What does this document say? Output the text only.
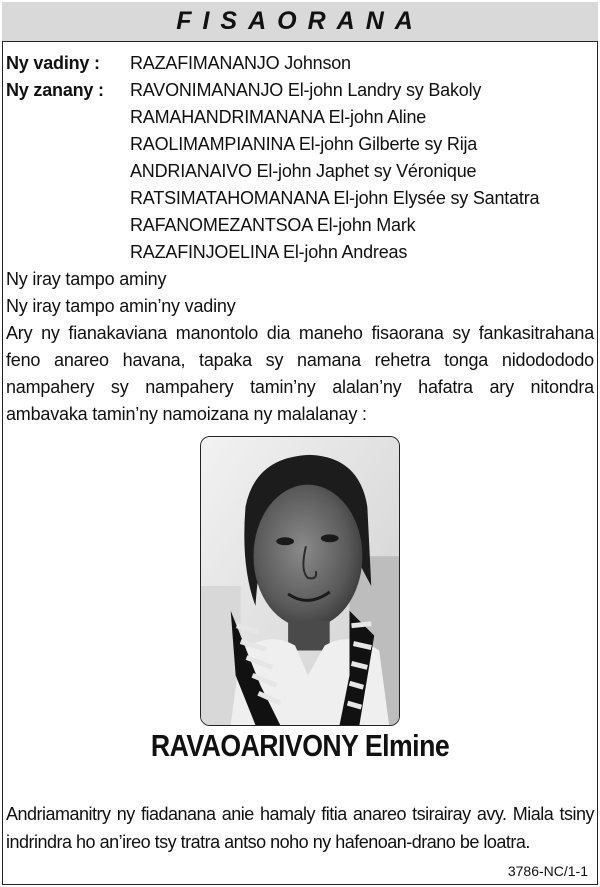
FISAORANA
Ny vadiny :	RAZAFIMANANJO Johnson
Ny zanany :	RAVONIMANANJO El-john Landry sy Bakoly
RAMAHANDRIMANANA El-john Aline
RAOLIMAMPIANINA El-john Gilberte sy Rija
ANDRIANAIVO El-john Japhet sy Véronique
RATSIMATAHOMANANA El-john Elysée sy Santatra
RAFANOMEZANTSOA El-john Mark
RAZAFINJOELINA El-john Andreas
Ny iray tampo aminy
Ny iray tampo amin’ny vadiny

Ary ny fianakaviana manontolo dia maneho fisaorana sy fankasitrahana feno anareo havana, tapaka sy namana rehetra tonga nidodododo nampahery sy nampahery tamin’ny alalan’ny hafatra ary nitondra ambavaka tamin’ny namoizana ny malalanay :

RAVAOARIVONY Elmine

Andriamanitry ny fiadanana anie hamaly fitia anareo tsirairay avy. Miala tsiny indrindra ho an’ireo tsy tratra antso noho ny hafenoan-drano be loatra.

3786-NC/1-1
